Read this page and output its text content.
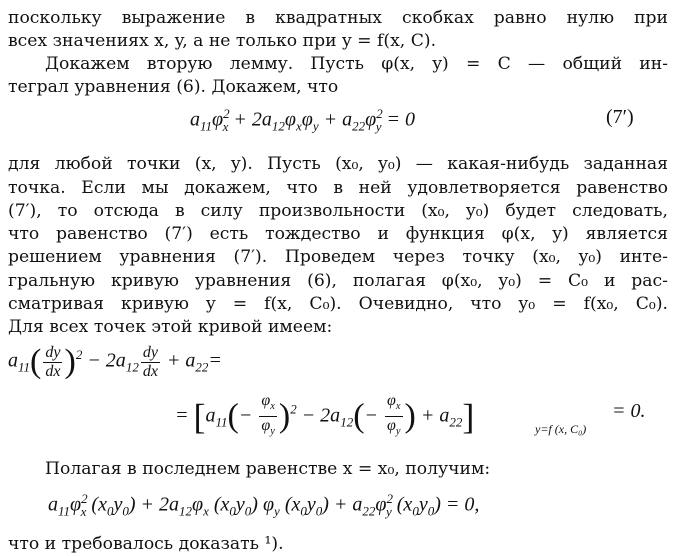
поскольку выражение в квадратных скобках равно нулю при
всех значениях x, y, а не только при y = f(x, C).
Докажем вторую лемму. Пусть φ(x, y) = C — общий ин-
теграл уравнения (6). Докажем, что
$a_{11}\varphi^2_x + 2a_{12}\varphi_x\varphi_y + a_{22}\varphi^2_y = 0$	(7′)
для любой точки (x, y). Пусть (x₀, y₀) — какая-нибудь заданная
точка. Если мы докажем, что в ней удовлетворяется равенство
(7′), то отсюда в силу произвольности (x₀, y₀) будет следовать,
что равенство (7′) есть тождество и функция φ(x, y) является
решением уравнения (7′). Проведем через точку (x₀, y₀) инте-
гральную кривую уравнения (6), полагая φ(x₀, y₀) = C₀ и рас-
сматривая кривую y = f(x, C₀). Очевидно, что y₀ = f(x₀, C₀).
Для всех точек этой кривой имеем:
$a_{11}( \frac{dy}{dx} )^2 - 2a_{12} \frac{dy}{dx} + a_{22}=$
= [$a_{11}(- \frac{\varphi_x}{\varphi_y} )^2 - 2a_{12}(- \frac{\varphi_x}{\varphi_y}$ ) + $a_{22}$]	y=f (x, C₀)
= 0.
Полагая в последнем равенстве x = x₀, получим:
$a_{11}\varphi^2_x$ $(x_0y_0) + 2a_{12}\varphi_x$ $(x_0y_0)$ $\varphi_y$ $(x_0y_0) + a_{22}\varphi^2_y$ $(x_0y_0) = 0$,
что и требовалось доказать ¹).
